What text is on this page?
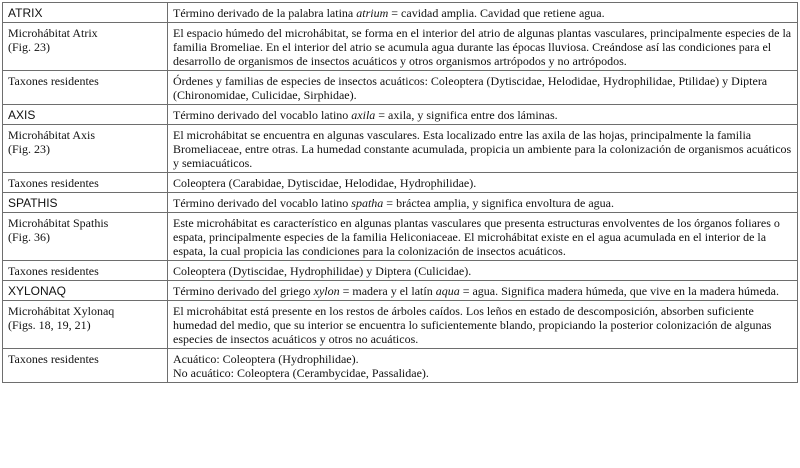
ATRIX	Término derivado de la palabra latina atrium = cavidad amplia. Cavidad que retiene agua.

Microhábitat Atrix
(Fig. 23)	El espacio húmedo del microhábitat, se forma en el interior del atrio de algunas plantas vasculares, principalmente especies de la familia Bromeliae. En el interior del atrio se acumula agua durante las épocas lluviosa. Creándose así las condiciones para el desarrollo de organismos de insectos acuáticos y otros organismos artrópodos y no artrópodos.

Taxones residentes	Órdenes y familias de especies de insectos acuáticos: Coleoptera (Dytiscidae, Helodidae, Hydrophilidae, Ptilidae) y Diptera (Chironomidae, Culicidae, Sirphidae).

AXIS	Término derivado del vocablo latino axila = axila, y significa entre dos láminas.

Microhábitat Axis
(Fig. 23)	El microhábitat se encuentra en algunas vasculares. Esta localizado entre las axila de las hojas, principalmente la familia Bromeliaceae, entre otras. La humedad constante acumulada, propicia un ambiente para la colonización de organismos acuáticos y semiacuáticos.

Taxones residentes	Coleoptera (Carabidae, Dytiscidae, Helodidae, Hydrophilidae).

SPATHIS	Término derivado del vocablo latino spatha = bráctea amplia, y significa envoltura de agua.

Microhábitat Spathis
(Fig. 36)	Este microhábitat es característico en algunas plantas vasculares que presenta estructuras envolventes de los órganos foliares o espata, principalmente especies de la familia Heliconiaceae. El microhábitat existe en el agua acumulada en el interior de la espata, la cual propicia las condiciones para la colonización de insectos acuáticos.

Taxones residentes	Coleoptera (Dytiscidae, Hydrophilidae) y Diptera (Culicidae).

XYLONAQ	Término derivado del griego xylon = madera y el latín aqua = agua. Significa madera húmeda, que vive en la madera húmeda.

Microhábitat Xylonaq
(Figs. 18, 19, 21)	El microhábitat está presente en los restos de árboles caídos. Los leños en estado de descomposición, absorben suficiente humedad del medio, que su interior se encuentra lo suficientemente blando, propiciando la posterior colonización de algunas especies de insectos acuáticos y otros no acuáticos.

Taxones residentes	Acuático: Coleoptera (Hydrophilidae).
No acuático: Coleoptera (Cerambycidae, Passalidae).
